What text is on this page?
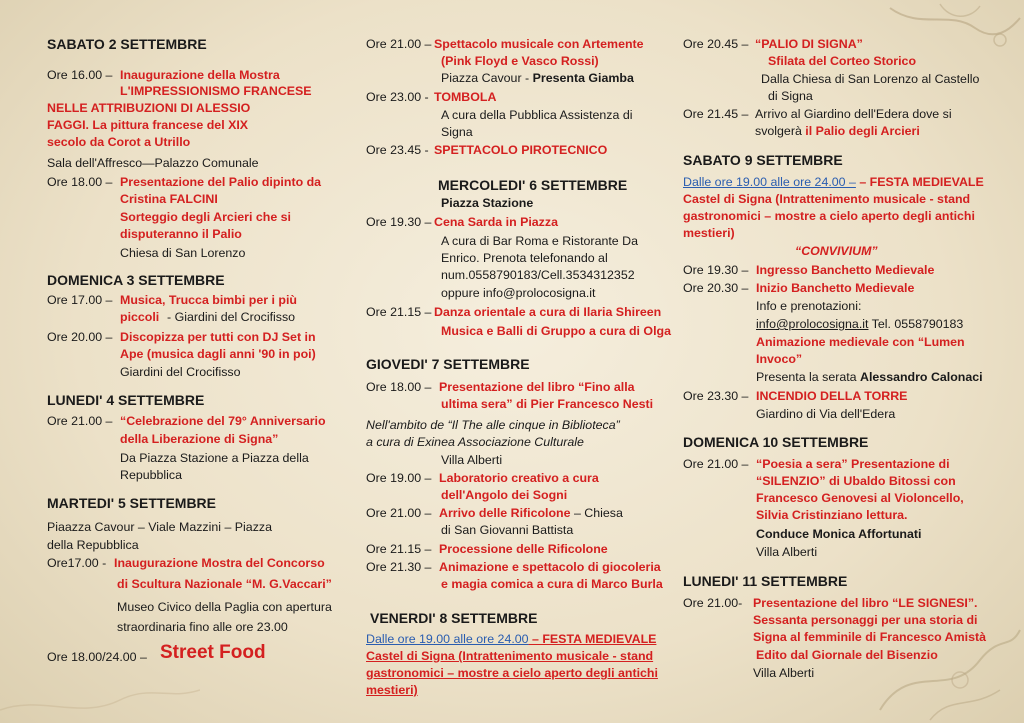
SABATO 2 SETTEMBRE
Ore 16.00 – Inaugurazione della Mostra
L'IMPRESSIONISMO FRANCESE
NELLE ATTRIBUZIONI DI ALESSIO
FAGGI. La pittura francese del XIX
secolo da Corot a Utrillo
Sala dell'Affresco—Palazzo Comunale
Ore 18.00 – Presentazione del Palio dipinto da
Cristina FALCINI
Sorteggio degli Arcieri che si
disputeranno il Palio
Chiesa di San Lorenzo
DOMENICA 3 SETTEMBRE
Ore 17.00 – Musica, Trucca bimbi per i più
piccoli - Giardini del Crocifisso
Ore 20.00 – Discopizza per tutti con DJ Set in
Ape (musica dagli anni '90 in poi)
Giardini del Crocifisso
LUNEDI' 4 SETTEMBRE
Ore 21.00 – “Celebrazione del 79° Anniversario
della Liberazione di Signa”
Da Piazza Stazione a Piazza della
Repubblica
MARTEDI' 5 SETTEMBRE
Piaazza Cavour – Viale Mazzini – Piazza
della Repubblica
Ore17.00 - Inaugurazione Mostra del Concorso
di Scultura Nazionale “M. G.Vaccari”
Museo Civico della Paglia con apertura
straordinaria fino alle ore 23.00
Ore 18.00/24.00 – Street Food
Ore 21.00 – Spettacolo musicale con Artemente
(Pink Floyd e Vasco Rossi)
Piazza Cavour - Presenta Giamba
Ore 23.00 - TOMBOLA
A cura della Pubblica Assistenza di
Signa
Ore 23.45 - SPETTACOLO PIROTECNICO
MERCOLEDI' 6 SETTEMBRE
Piazza Stazione
Ore 19.30 – Cena Sarda in Piazza
A cura di Bar Roma e Ristorante Da
Enrico. Prenota telefonando al
num.0558790183/Cell.3534312352
oppure info@prolocosigna.it
Ore 21.15 – Danza orientale a cura di Ilaria Shireen
Musica e Balli di Gruppo a cura di Olga
GIOVEDI' 7 SETTEMBRE
Ore 18.00 – Presentazione del libro “Fino alla
ultima sera” di Pier Francesco Nesti
Nell'ambito de “Il The alle cinque in Biblioteca”
a cura di Exinea Associazione Culturale
Villa Alberti
Ore 19.00 – Laboratorio creativo a cura
dell'Angolo dei Sogni
Ore 21.00 – Arrivo delle Rificolone – Chiesa
di San Giovanni Battista
Ore 21.15 – Processione delle Rificolone
Ore 21.30 – Animazione e spettacolo di giocoleria
e magia comica a cura di Marco Burla
VENERDI' 8 SETTEMBRE
Dalle ore 19.00 alle ore 24.00 – FESTA MEDIEVALE
Castel di Signa (Intrattenimento musicale - stand
gastronomici – mostre a cielo aperto degli antichi
mestieri)
Ore 20.45 – “PALIO DI SIGNA”
Sfilata del Corteo Storico
Dalla Chiesa di San Lorenzo al Castello
di Signa
Ore 21.45 – Arrivo al Giardino dell'Edera dove si
svolgerà il Palio degli Arcieri
SABATO 9 SETTEMBRE
Dalle ore 19.00 alle ore 24.00 – – FESTA MEDIEVALE
Castel di Signa (Intrattenimento musicale - stand
gastronomici – mostre a cielo aperto degli antichi
mestieri)
“CONVIVIUM”
Ore 19.30 – Ingresso Banchetto Medievale
Ore 20.30 – Inizio Banchetto Medievale
Info e prenotazioni:
info@prolocosigna.it Tel. 0558790183
Animazione medievale con “Lumen
Invoco”
Presenta la serata Alessandro Calonaci
Ore 23.30 – INCENDIO DELLA TORRE
Giardino di Via dell'Edera
DOMENICA 10 SETTEMBRE
Ore 21.00 – “Poesia a sera” Presentazione di
“SILENZIO” di Ubaldo Bitossi con
Francesco Genovesi al Violoncello,
Silvia Cristinziano lettura.
Conduce Monica Affortunati
Villa Alberti
LUNEDI' 11 SETTEMBRE
Ore 21.00- Presentazione del libro “LE SIGNESI”.
Sessanta personaggi per una storia di
Signa al femminile di Francesco Amistà
Edito dal Giornale del Bisenzio
Villa Alberti
